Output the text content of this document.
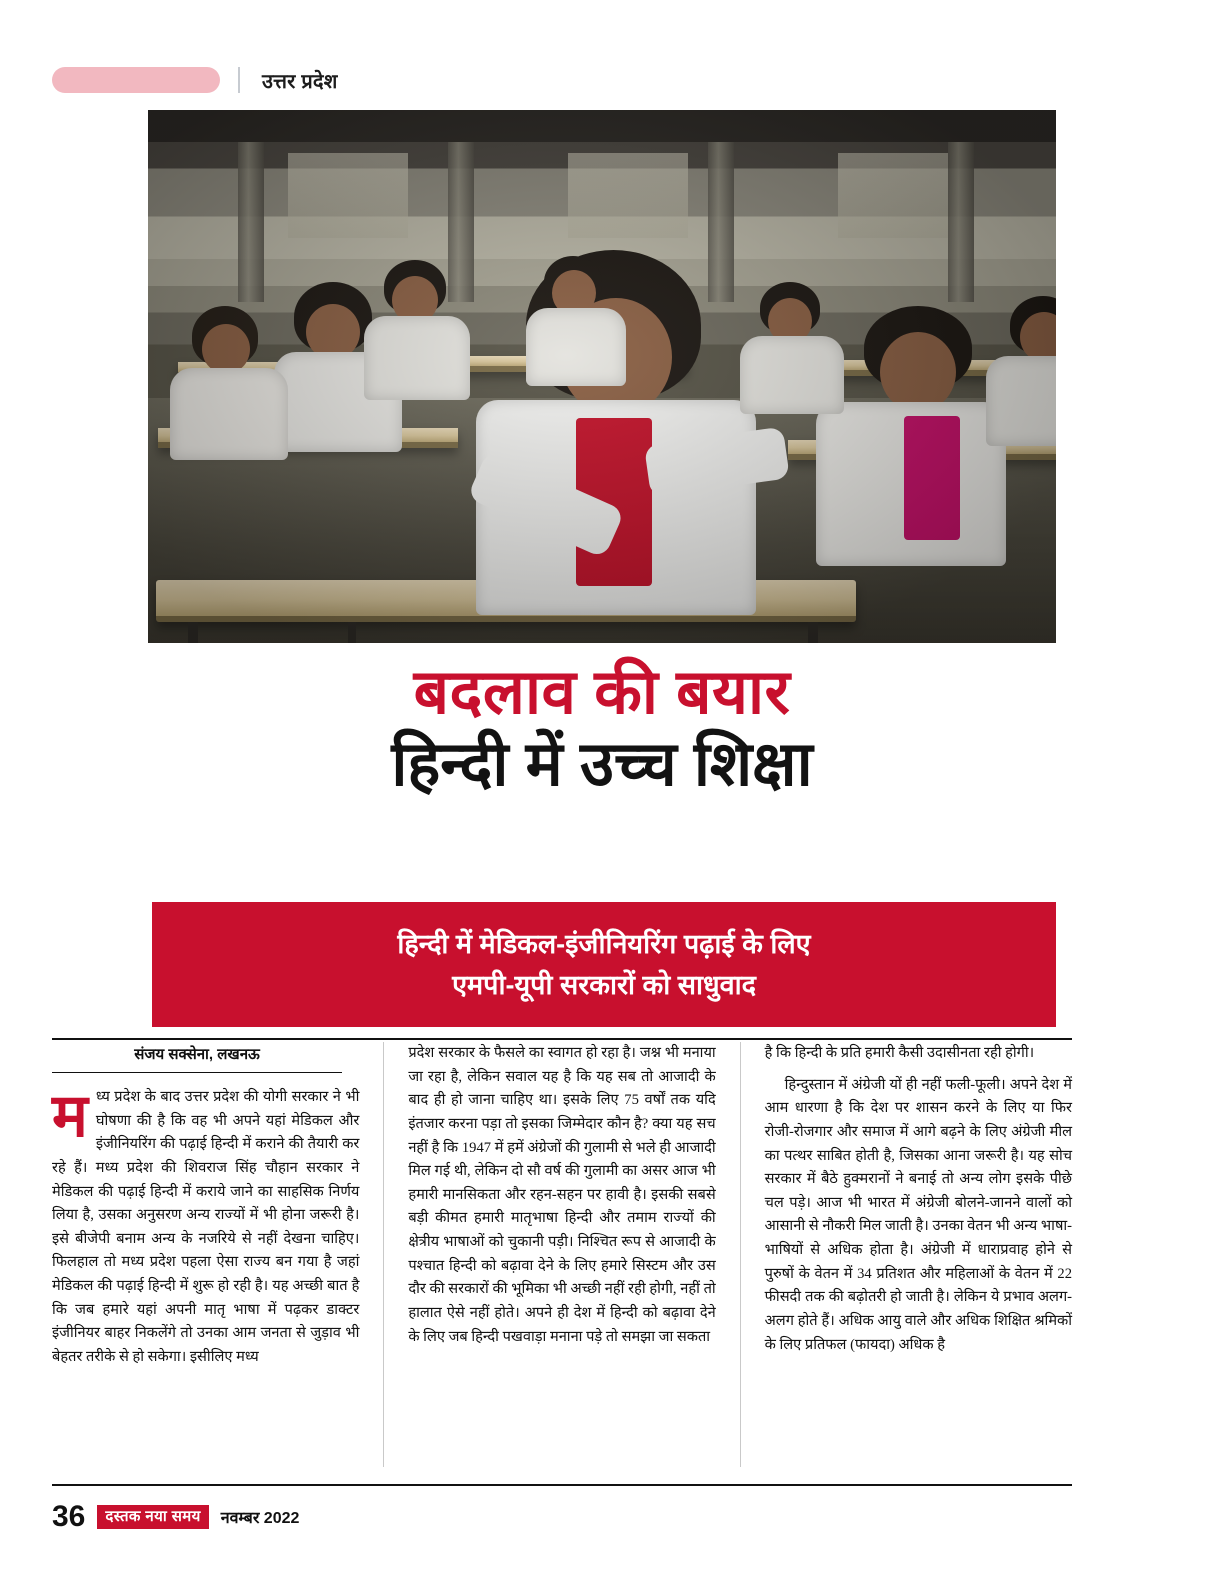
उत्तर प्रदेश
बदलाव की बयार
हिन्दी में उच्च शिक्षा
हिन्दी में मेडिकल-इंजीनियरिंग पढ़ाई के लिए
एमपी-यूपी सरकारों को साधुवाद
संजय सक्सेना, लखनऊ
म ध्य प्रदेश के बाद उत्तर प्रदेश की योगी सरकार ने भी घोषणा की है कि वह भी अपने यहां मेडिकल और इंजीनियरिंग की पढ़ाई हिन्दी में कराने की तैयारी कर रहे हैं। मध्य प्रदेश की शिवराज सिंह चौहान सरकार ने मेडिकल की पढ़ाई हिन्दी में कराये जाने का साहसिक निर्णय लिया है, उसका अनुसरण अन्य राज्यों में भी होना जरूरी है। इसे बीजेपी बनाम अन्य के नजरिये से नहीं देखना चाहिए। फिलहाल तो मध्य प्रदेश पहला ऐसा राज्य बन गया है जहां मेडिकल की पढ़ाई हिन्दी में शुरू हो रही है। यह अच्छी बात है कि जब हमारे यहां अपनी मातृ भाषा में पढ़कर डाक्टर इंजीनियर बाहर निकलेंगे तो उनका आम जनता से जुड़ाव भी बेहतर तरीके से हो सकेगा। इसीलिए मध्य

प्रदेश सरकार के फैसले का स्वागत हो रहा है। जश्न भी मनाया जा रहा है, लेकिन सवाल यह है कि यह सब तो आजादी के बाद ही हो जाना चाहिए था। इसके लिए 75 वर्षों तक यदि इंतजार करना पड़ा तो इसका जिम्मेदार कौन है? क्या यह सच नहीं है कि 1947 में हमें अंग्रेजों की गुलामी से भले ही आजादी मिल गई थी, लेकिन दो सौ वर्ष की गुलामी का असर आज भी हमारी मानसिकता और रहन-सहन पर हावी है। इसकी सबसे बड़ी कीमत हमारी मातृभाषा हिन्दी और तमाम राज्यों की क्षेत्रीय भाषाओं को चुकानी पड़ी। निश्चित रूप से आजादी के पश्चात हिन्दी को बढ़ावा देने के लिए हमारे सिस्टम और उस दौर की सरकारों की भूमिका भी अच्छी नहीं रही होगी, नहीं तो हालात ऐसे नहीं होते। अपने ही देश में हिन्दी को बढ़ावा देने के लिए जब हिन्दी पखवाड़ा मनाना पड़े तो समझा जा सकता

है कि हिन्दी के प्रति हमारी कैसी उदासीनता रही होगी।

हिन्दुस्तान में अंग्रेजी यों ही नहीं फली-फूली। अपने देश में आम धारणा है कि देश पर शासन करने के लिए या फिर रोजी-रोजगार और समाज में आगे बढ़ने के लिए अंग्रेजी मील का पत्थर साबित होती है, जिसका आना जरूरी है। यह सोच सरकार में बैठे हुक्मरानों ने बनाई तो अन्य लोग इसके पीछे चल पड़े। आज भी भारत में अंग्रेजी बोलने-जानने वालों को आसानी से नौकरी मिल जाती है। उनका वेतन भी अन्य भाषा-भाषियों से अधिक होता है। अंग्रेजी में धाराप्रवाह होने से पुरुषों के वेतन में 34 प्रतिशत और महिलाओं के वेतन में 22 फीसदी तक की बढ़ोतरी हो जाती है। लेकिन ये प्रभाव अलग-अलग होते हैं। अधिक आयु वाले और अधिक शिक्षित श्रमिकों के लिए प्रतिफल (फायदा) अधिक है

36	दस्तक नया समय	नवम्बर 2022
